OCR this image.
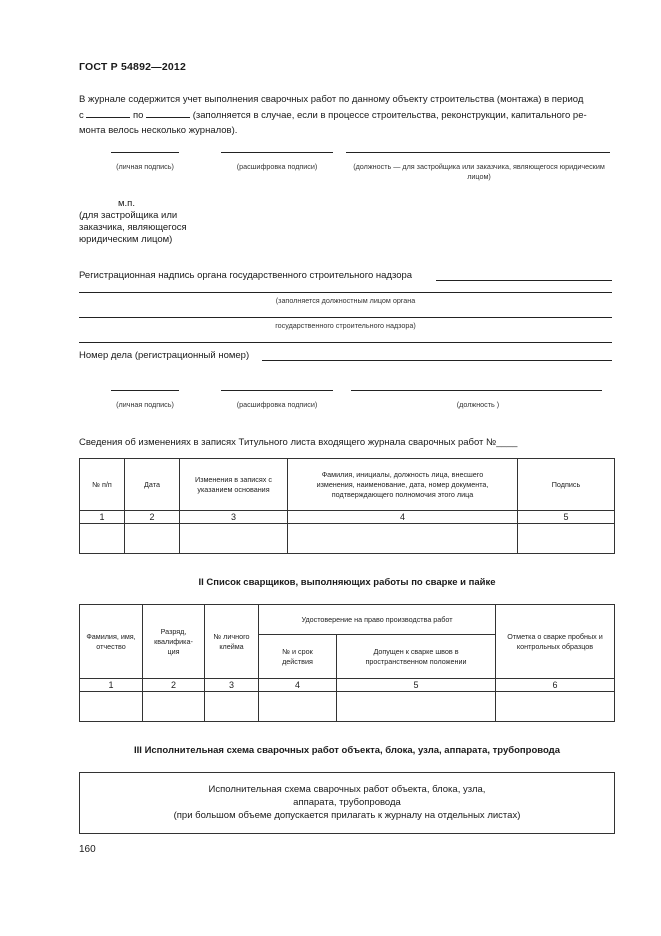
ГОСТ Р 54892—2012
В журнале содержится учет выполнения сварочных работ по данному объекту строительства (монтажа) в период
с	по	(заполняется в случае, если в процессе строительства, реконструкции, капитального ре-
монта велось несколько журналов).
(личная подпись)	(расшифровка подписи)	(должность — для застройщика или заказчика, являющегося юридическим лицом)
м.п.
(для застройщика или заказчика, являющегося юридическим лицом)
Регистрационная надпись органа государственного строительного надзора
(заполняется должностным лицом органа
государственного строительного надзора)
Номер дела (регистрационный номер)
(личная подпись)	(расшифровка подписи)	(должность )
Сведения об изменениях в записях Титульного листа входящего журнала сварочных работ №____
№ п/п	Дата	Изменения в записях с указанием основания	Фамилия, инициалы, должность лица, внесшего изменения, наименование, дата, номер документа, подтверждающего полномочия этого лица	Подпись
1	2	3	4	5

II Список сварщиков, выполняющих работы по сварке и пайке
Фамилия, имя, отчество	Разряд, квалифика- ция	№ личного клейма	Удостоверение на право производства работ		Отметка о сварке пробных и контрольных образцов
			№ и срок действия	Допущен к сварке швов в пространственном положении	
1	2	3	4	5	6

III Исполнительная схема сварочных работ объекта, блока, узла, аппарата, трубопровода
Исполнительная схема сварочных работ объекта, блока, узла,
аппарата, трубопровода
(при большом объеме допускается прилагать к журналу на отдельных листах)
160
